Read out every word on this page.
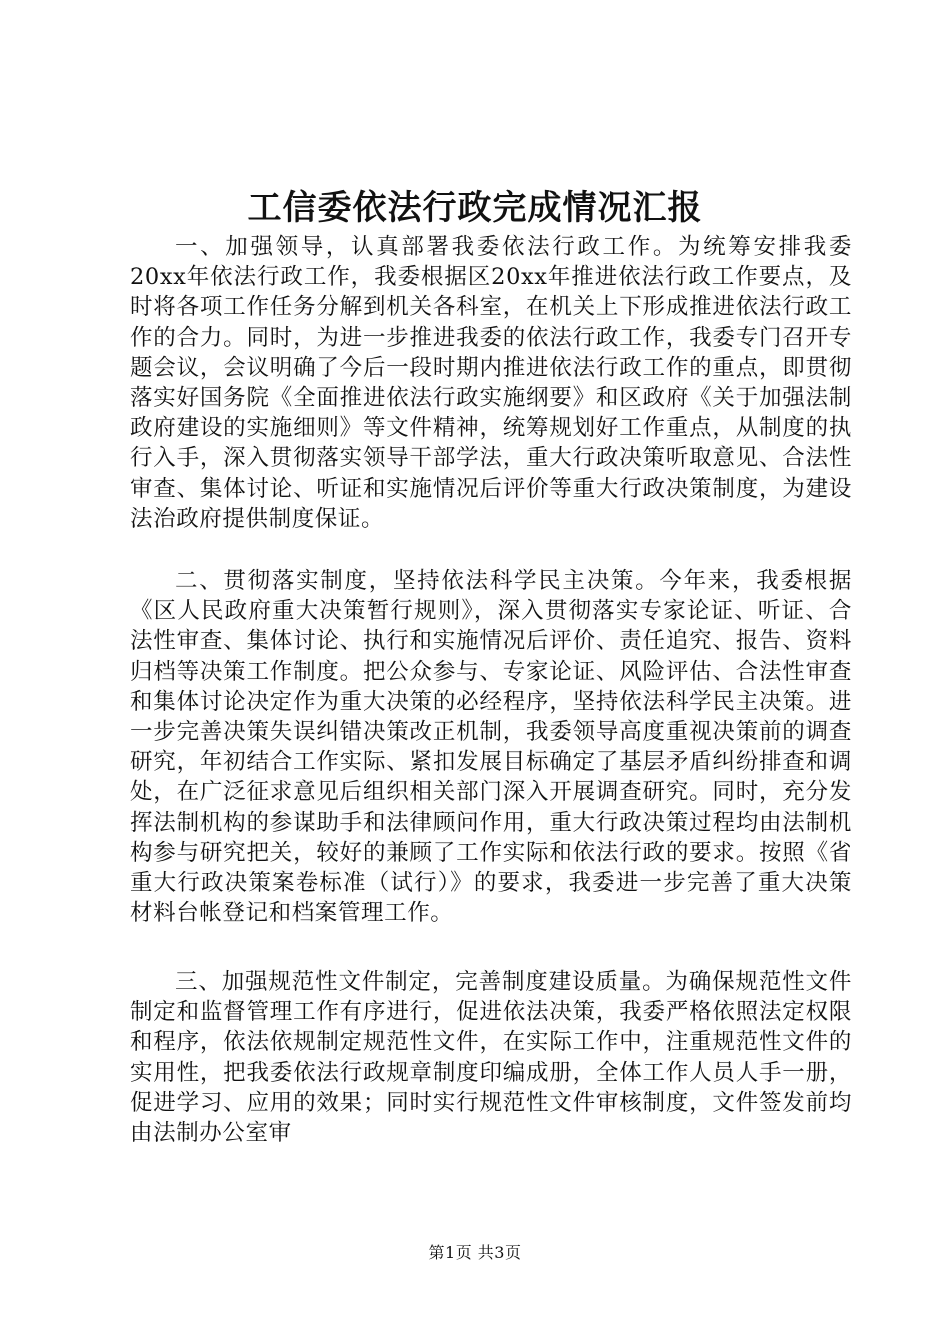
工信委依法行政完成情况汇报

一、加强领导，认真部署我委依法行政工作。为统筹安排我委20xx年依法行政工作，我委根据区20xx年推进依法行政工作要点，及时将各项工作任务分解到机关各科室，在机关上下形成推进依法行政工作的合力。同时，为进一步推进我委的依法行政工作，我委专门召开专题会议，会议明确了今后一段时期内推进依法行政工作的重点，即贯彻落实好国务院《全面推进依法行政实施纲要》和区政府《关于加强法制政府建设的实施细则》等文件精神，统筹规划好工作重点，从制度的执行入手，深入贯彻落实领导干部学法，重大行政决策听取意见、合法性审查、集体讨论、听证和实施情况后评价等重大行政决策制度，为建设法治政府提供制度保证。

二、贯彻落实制度，坚持依法科学民主决策。今年来，我委根据《区人民政府重大决策暂行规则》，深入贯彻落实专家论证、听证、合法性审查、集体讨论、执行和实施情况后评价、责任追究、报告、资料归档等决策工作制度。把公众参与、专家论证、风险评估、合法性审查和集体讨论决定作为重大决策的必经程序，坚持依法科学民主决策。进一步完善决策失误纠错决策改正机制，我委领导高度重视决策前的调查研究，年初结合工作实际、紧扣发展目标确定了基层矛盾纠纷排查和调处，在广泛征求意见后组织相关部门深入开展调查研究。同时，充分发挥法制机构的参谋助手和法律顾问作用，重大行政决策过程均由法制机构参与研究把关，较好的兼顾了工作实际和依法行政的要求。按照《省重大行政决策案卷标准（试行）》的要求，我委进一步完善了重大决策材料台帐登记和档案管理工作。

三、加强规范性文件制定，完善制度建设质量。为确保规范性文件制定和监督管理工作有序进行，促进依法决策，我委严格依照法定权限和程序，依法依规制定规范性文件，在实际工作中，注重规范性文件的实用性，把我委依法行政规章制度印编成册，全体工作人员人手一册，促进学习、应用的效果；同时实行规范性文件审核制度，文件签发前均由法制办公室审

第1页 共3页
